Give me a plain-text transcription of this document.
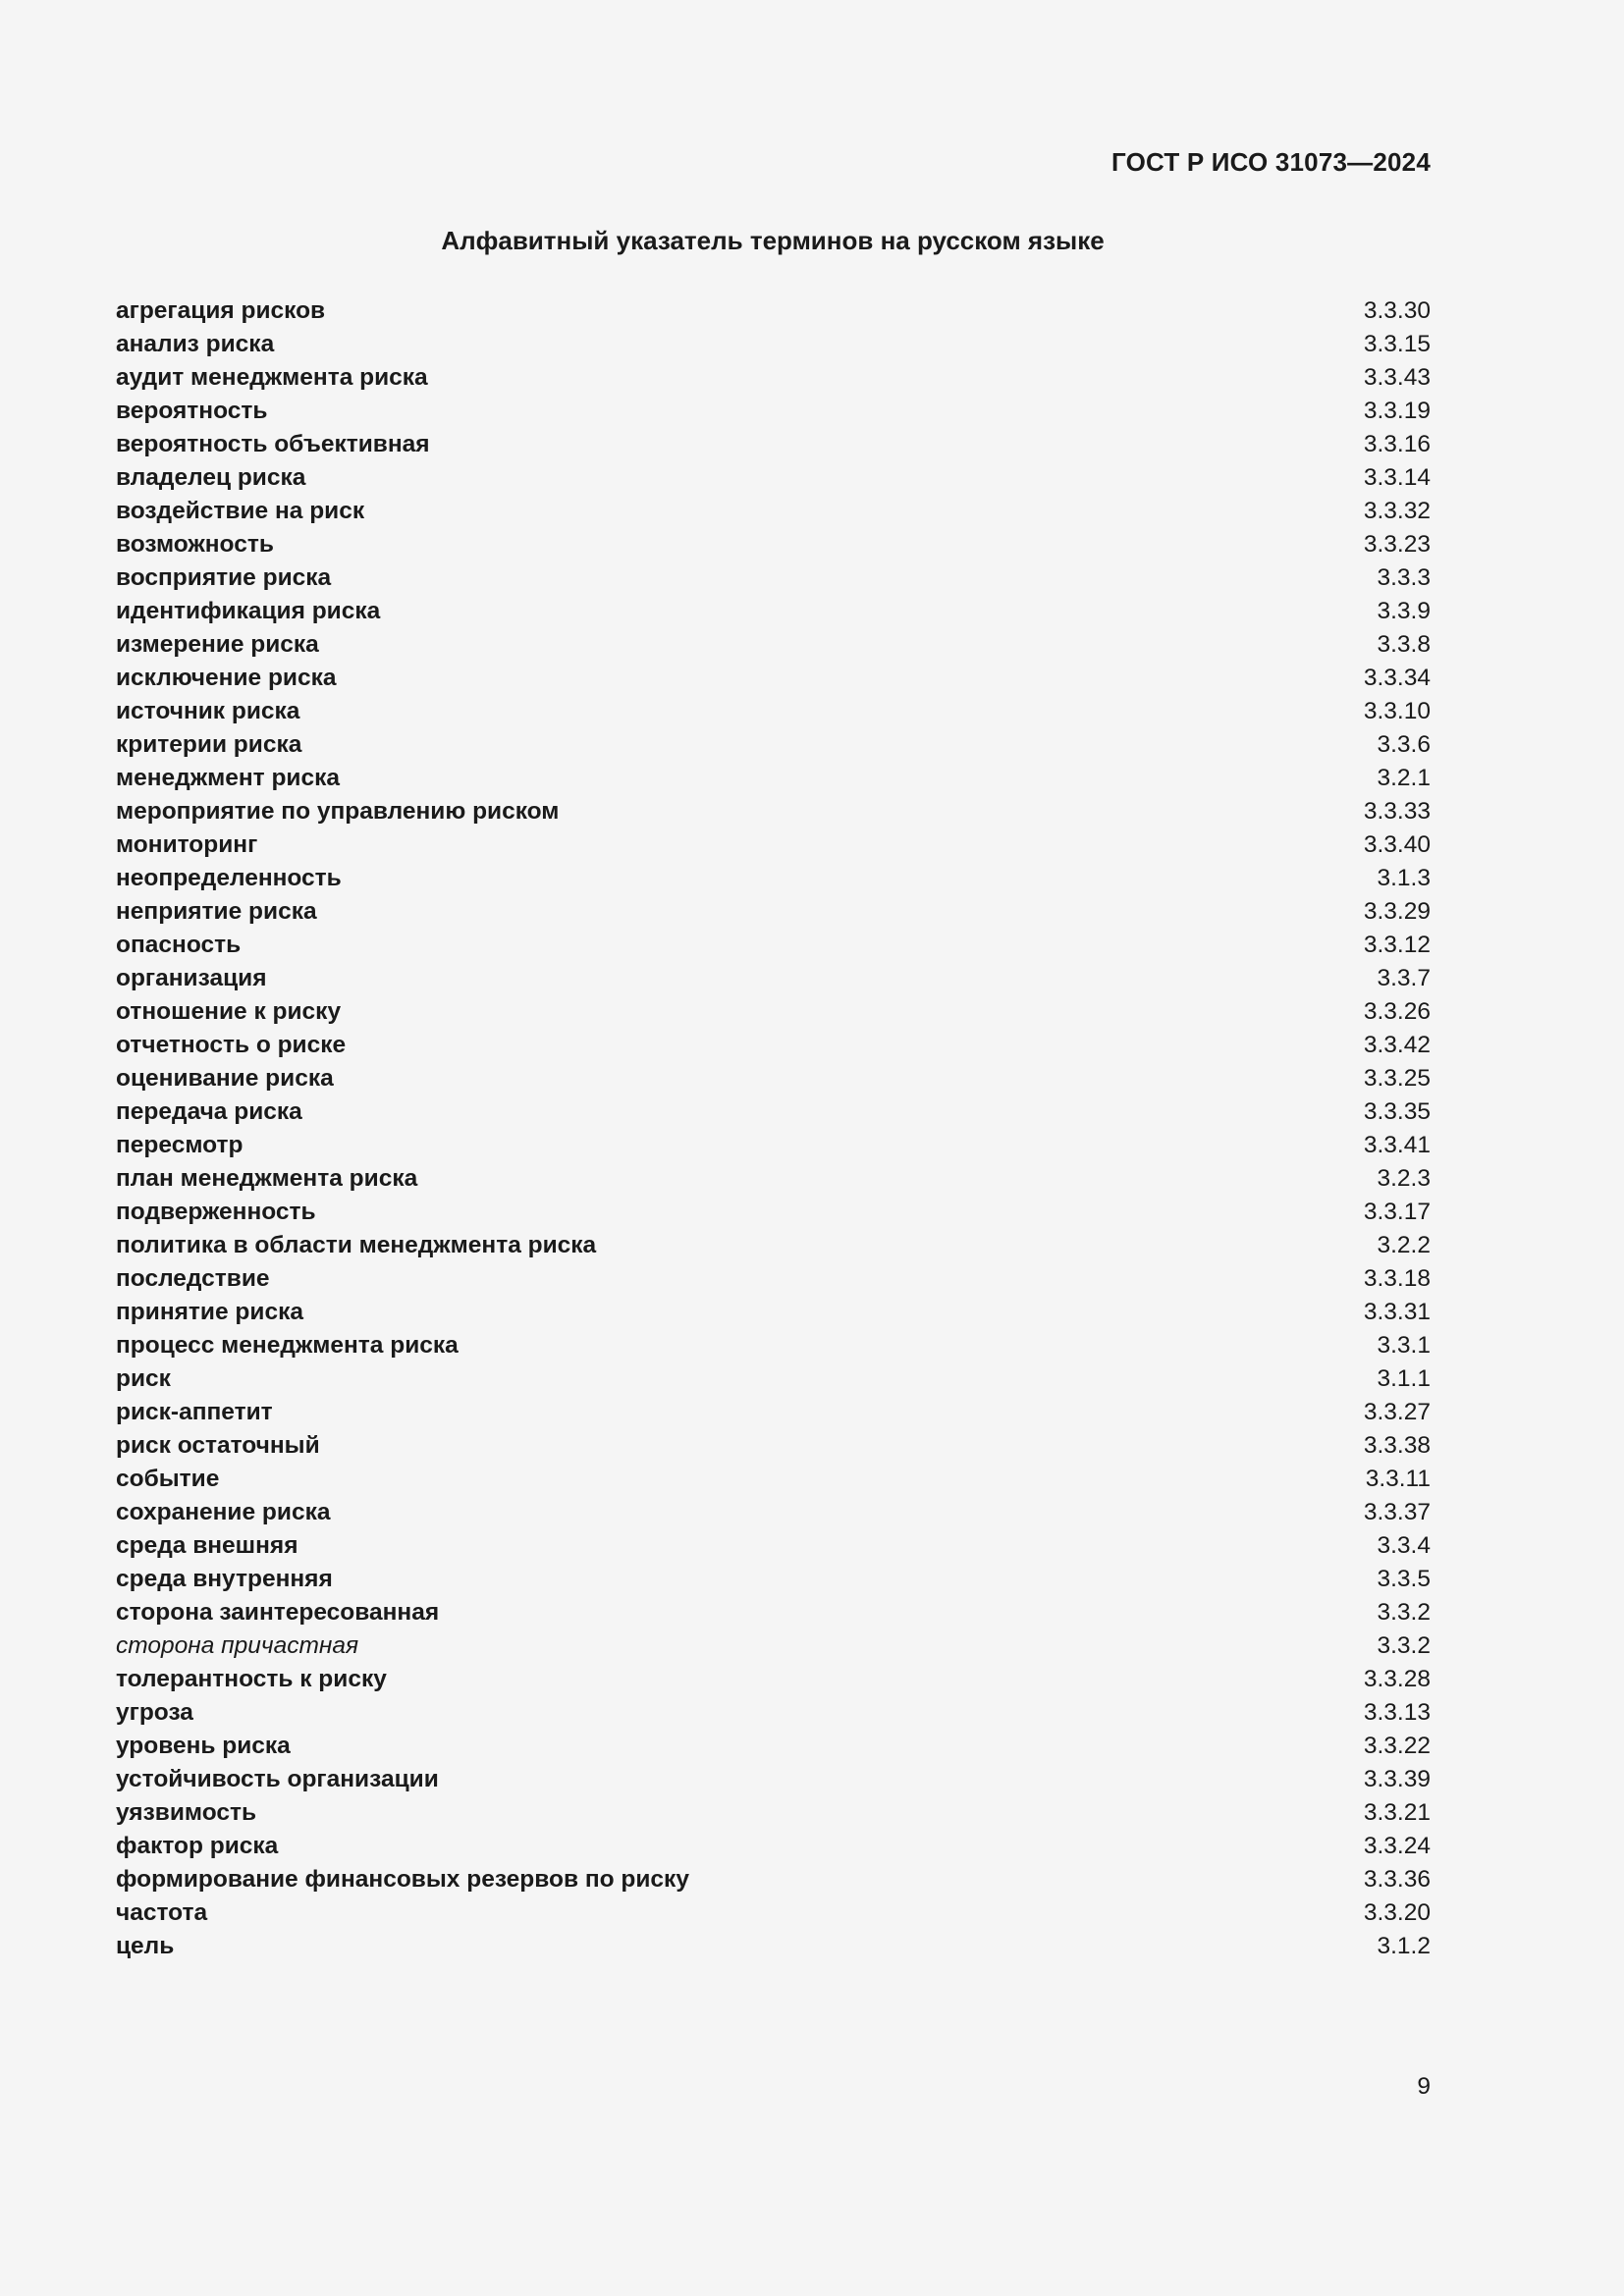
ГОСТ Р ИСО 31073—2024
Алфавитный указатель терминов на русском языке
агрегация рисков	3.3.30
анализ риска	3.3.15
аудит менеджмента риска	3.3.43
вероятность	3.3.19
вероятность объективная	3.3.16
владелец риска	3.3.14
воздействие на риск	3.3.32
возможность	3.3.23
восприятие риска	3.3.3
идентификация риска	3.3.9
измерение риска	3.3.8
исключение риска	3.3.34
источник риска	3.3.10
критерии риска	3.3.6
менеджмент риска	3.2.1
мероприятие по управлению риском	3.3.33
мониторинг	3.3.40
неопределенность	3.1.3
неприятие риска	3.3.29
опасность	3.3.12
организация	3.3.7
отношение к риску	3.3.26
отчетность о риске	3.3.42
оценивание риска	3.3.25
передача риска	3.3.35
пересмотр	3.3.41
план менеджмента риска	3.2.3
подверженность	3.3.17
политика в области менеджмента риска	3.2.2
последствие	3.3.18
принятие риска	3.3.31
процесс менеджмента риска	3.3.1
риск	3.1.1
риск-аппетит	3.3.27
риск остаточный	3.3.38
событие	3.3.11
сохранение риска	3.3.37
среда внешняя	3.3.4
среда внутренняя	3.3.5
сторона заинтересованная	3.3.2
сторона причастная	3.3.2
толерантность к риску	3.3.28
угроза	3.3.13
уровень риска	3.3.22
устойчивость организации	3.3.39
уязвимость	3.3.21
фактор риска	3.3.24
формирование финансовых резервов по риску	3.3.36
частота	3.3.20
цель	3.1.2
9
